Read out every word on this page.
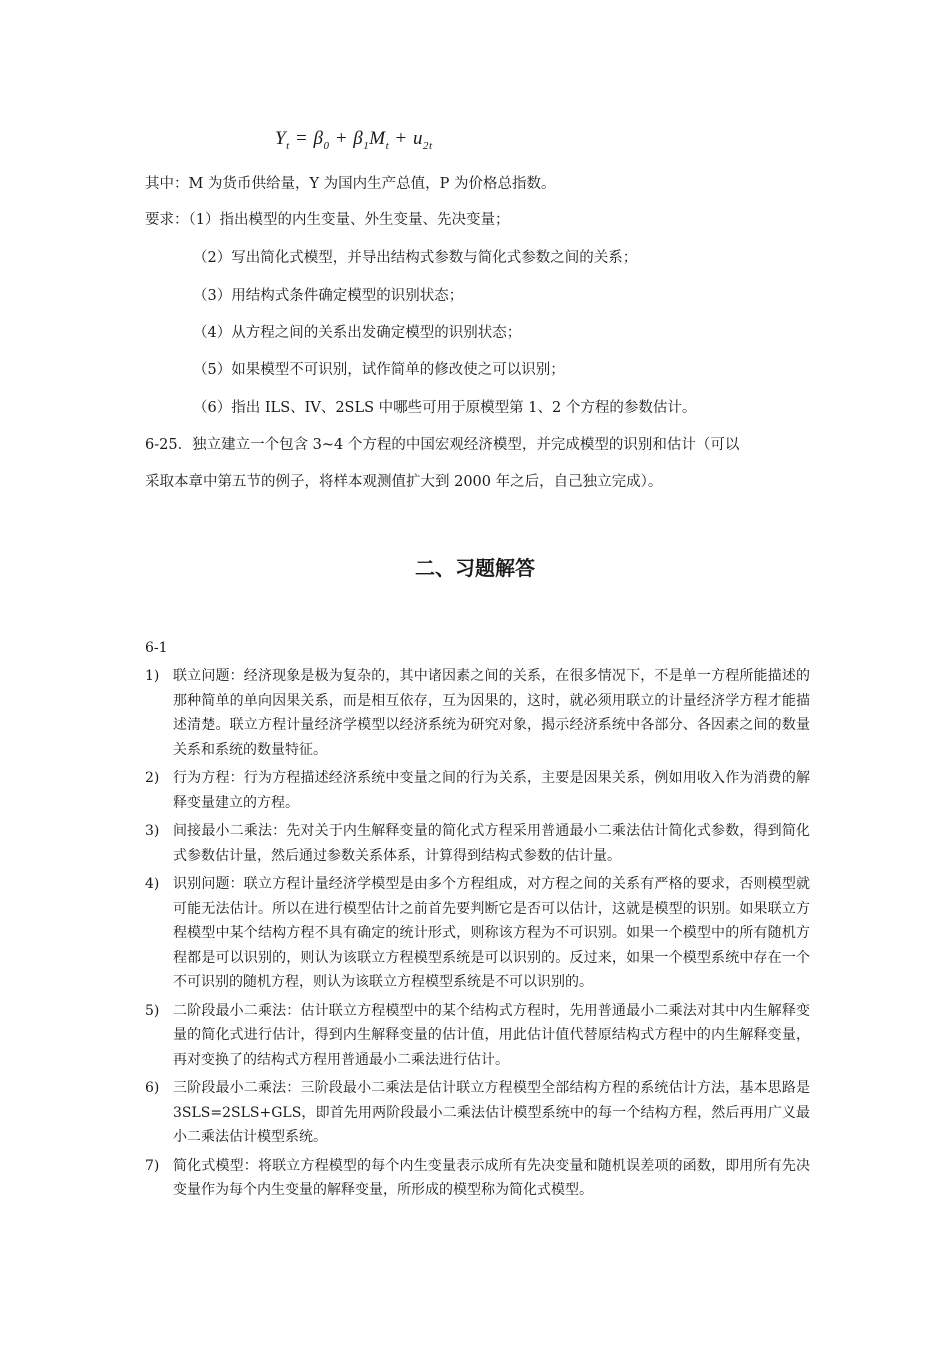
$Y_t = \beta_0 + \beta_1M_t + u_{2t}$
其中：M 为货币供给量，Y 为国内生产总值，P 为价格总指数。
要求：（1）指出模型的内生变量、外生变量、先决变量；
（2）写出简化式模型，并导出结构式参数与简化式参数之间的关系；
（3）用结构式条件确定模型的识别状态；
（4）从方程之间的关系出发确定模型的识别状态；
（5）如果模型不可识别，试作简单的修改使之可以识别；
（6）指出 ILS、IV、2SLS 中哪些可用于原模型第 1、2 个方程的参数估计。
6-25．独立建立一个包含 3~4 个方程的中国宏观经济模型，并完成模型的识别和估计（可以
采取本章中第五节的例子，将样本观测值扩大到 2000 年之后，自己独立完成）。
二、习题解答
6-1
1) 联立问题：经济现象是极为复杂的，其中诸因素之间的关系，在很多情况下，不是单一方程所能描述的那种简单的单向因果关系，而是相互依存，互为因果的，这时，就必须用联立的计量经济学方程才能描述清楚。联立方程计量经济学模型以经济系统为研究对象，揭示经济系统中各部分、各因素之间的数量关系和系统的数量特征。
2) 行为方程：行为方程描述经济系统中变量之间的行为关系，主要是因果关系，例如用收入作为消费的解释变量建立的方程。
3) 间接最小二乘法：先对关于内生解释变量的简化式方程采用普通最小二乘法估计简化式参数，得到简化式参数估计量，然后通过参数关系体系，计算得到结构式参数的估计量。
4) 识别问题：联立方程计量经济学模型是由多个方程组成，对方程之间的关系有严格的要求，否则模型就可能无法估计。所以在进行模型估计之前首先要判断它是否可以估计，这就是模型的识别。如果联立方程模型中某个结构方程不具有确定的统计形式，则称该方程为不可识别。如果一个模型中的所有随机方程都是可以识别的，则认为该联立方程模型系统是可以识别的。反过来，如果一个模型系统中存在一个不可识别的随机方程，则认为该联立方程模型系统是不可以识别的。
5) 二阶段最小二乘法：估计联立方程模型中的某个结构式方程时，先用普通最小二乘法对其中内生解释变量的简化式进行估计，得到内生解释变量的估计值，用此估计值代替原结构式方程中的内生解释变量，再对变换了的结构式方程用普通最小二乘法进行估计。
6) 三阶段最小二乘法：三阶段最小二乘法是估计联立方程模型全部结构方程的系统估计方法，基本思路是 3SLS=2SLS+GLS，即首先用两阶段最小二乘法估计模型系统中的每一个结构方程，然后再用广义最小二乘法估计模型系统。
7) 简化式模型：将联立方程模型的每个内生变量表示成所有先决变量和随机误差项的函数，即用所有先决变量作为每个内生变量的解释变量，所形成的模型称为简化式模型。
